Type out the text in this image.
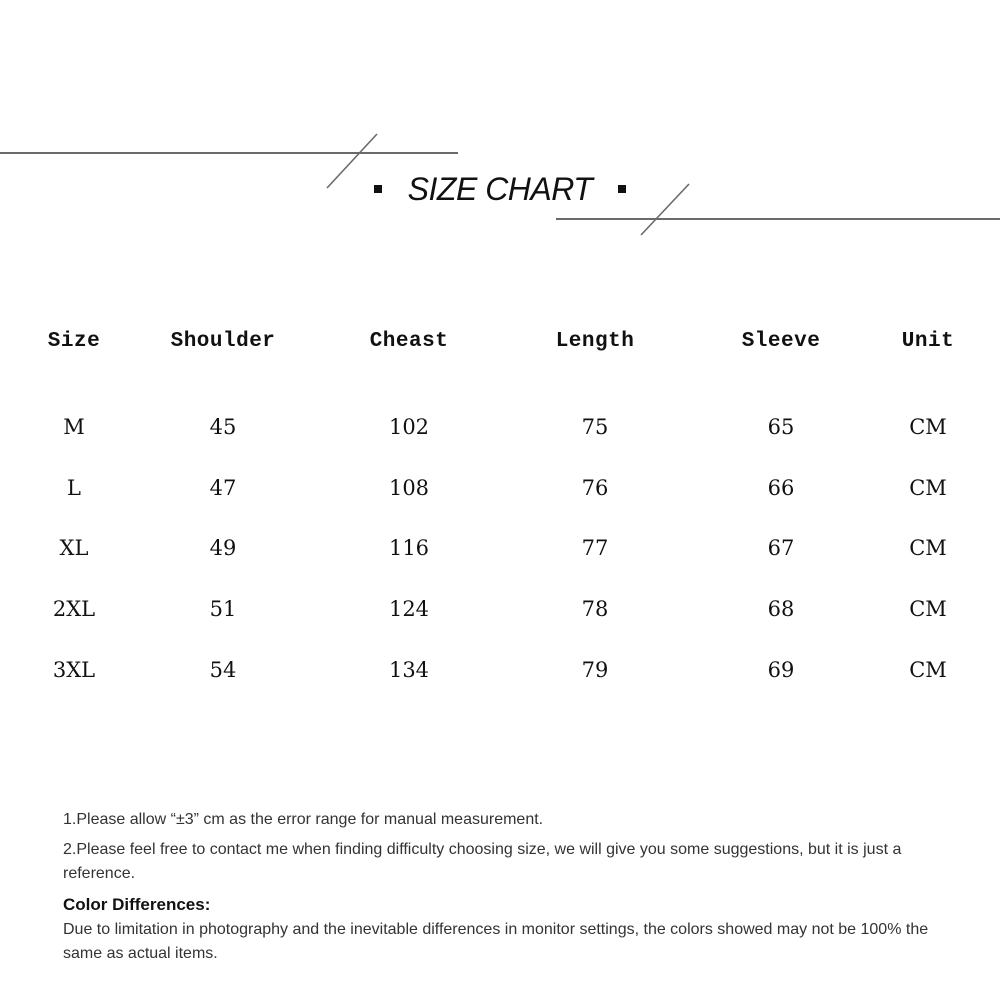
SIZE CHART
Size	Shoulder	Cheast	Length	Sleeve	Unit
M	45	102	75	65	CM
L	47	108	76	66	CM
XL	49	116	77	67	CM
2XL	51	124	78	68	CM
3XL	54	134	79	69	CM

1.Please allow “±3” cm as the error range for manual measurement.

2.Please feel free to contact me when finding difficulty choosing size, we will give you some suggestions, but it is just a reference.

Color Differences:

Due to limitation in photography and the inevitable differences in monitor settings, the colors showed may not be 100% the same as actual items.
